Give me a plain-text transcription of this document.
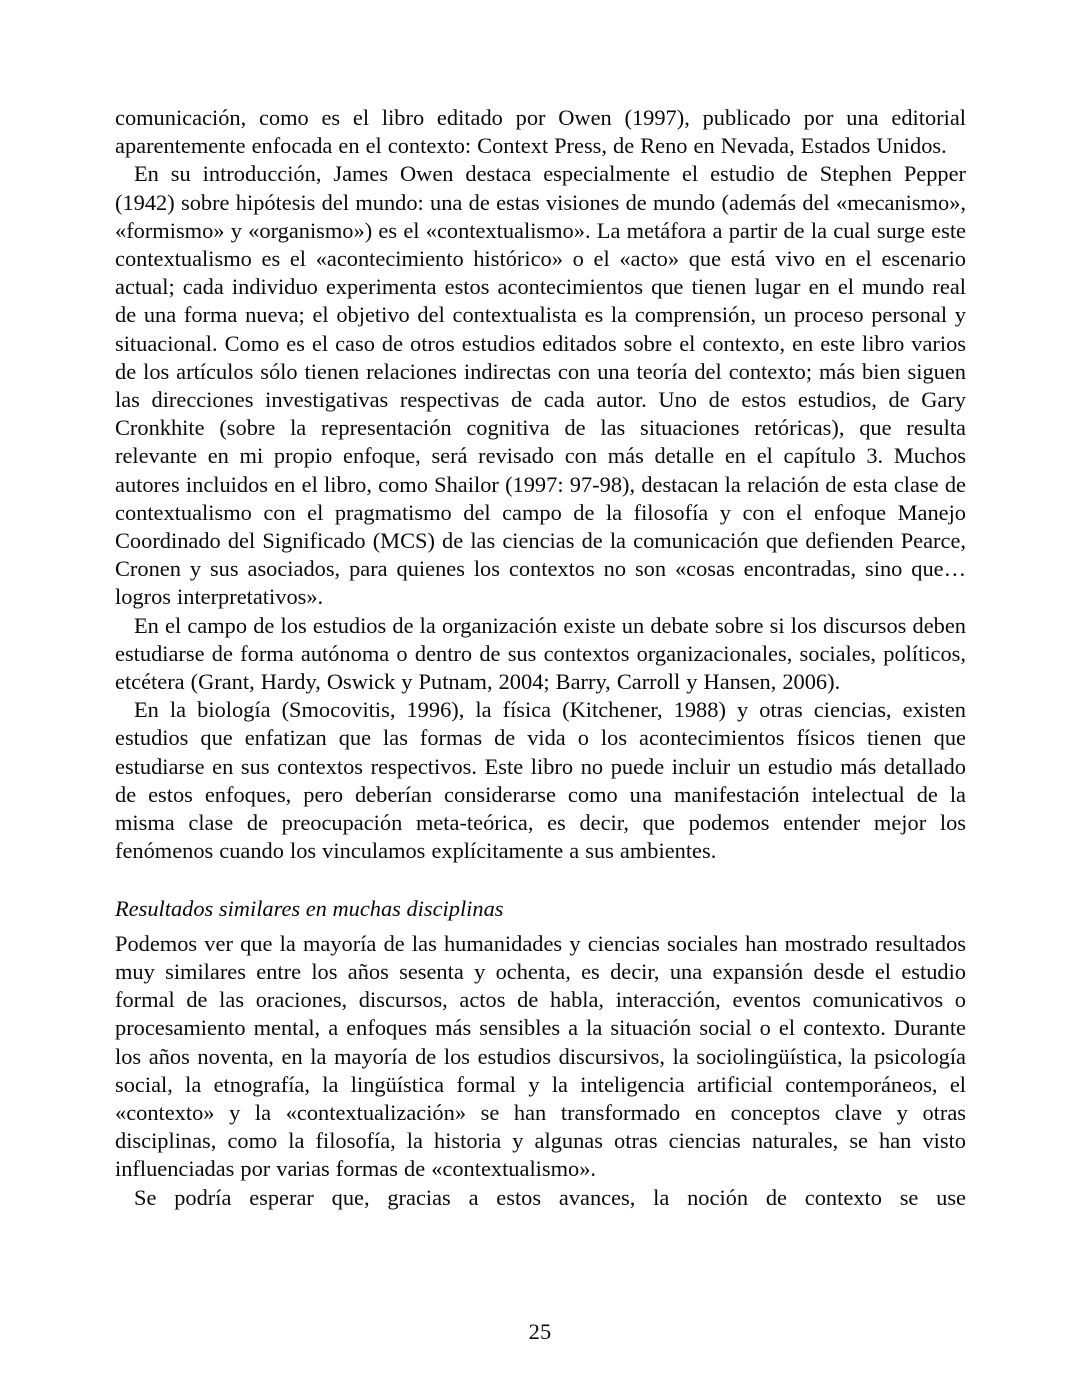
comunicación, como es el libro editado por Owen (1997), publicado por una editorial aparentemente enfocada en el contexto: Context Press, de Reno en Nevada, Estados Unidos.

En su introducción, James Owen destaca especialmente el estudio de Stephen Pepper (1942) sobre hipótesis del mundo: una de estas visiones de mundo (además del «mecanismo», «formismo» y «organismo») es el «contextualismo». La metáfora a partir de la cual surge este contextualismo es el «acontecimiento histórico» o el «acto» que está vivo en el escenario actual; cada individuo experimenta estos acontecimientos que tienen lugar en el mundo real de una forma nueva; el objetivo del contextualista es la comprensión, un proceso personal y situacional. Como es el caso de otros estudios editados sobre el contexto, en este libro varios de los artículos sólo tienen relaciones indirectas con una teoría del contexto; más bien siguen las direcciones investigativas respectivas de cada autor. Uno de estos estudios, de Gary Cronkhite (sobre la representación cognitiva de las situaciones retóricas), que resulta relevante en mi propio enfoque, será revisado con más detalle en el capítulo 3. Muchos autores incluidos en el libro, como Shailor (1997: 97-98), destacan la relación de esta clase de contextualismo con el pragmatismo del campo de la filosofía y con el enfoque Manejo Coordinado del Significado (MCS) de las ciencias de la comunicación que defienden Pearce, Cronen y sus asociados, para quienes los contextos no son «cosas encontradas, sino que… logros interpretativos».

En el campo de los estudios de la organización existe un debate sobre si los discursos deben estudiarse de forma autónoma o dentro de sus contextos organizacionales, sociales, políticos, etcétera (Grant, Hardy, Oswick y Putnam, 2004; Barry, Carroll y Hansen, 2006).

En la biología (Smocovitis, 1996), la física (Kitchener, 1988) y otras ciencias, existen estudios que enfatizan que las formas de vida o los acontecimientos físicos tienen que estudiarse en sus contextos respectivos. Este libro no puede incluir un estudio más detallado de estos enfoques, pero deberían considerarse como una manifestación intelectual de la misma clase de preocupación meta-teórica, es decir, que podemos entender mejor los fenómenos cuando los vinculamos explícitamente a sus ambientes.

Resultados similares en muchas disciplinas

Podemos ver que la mayoría de las humanidades y ciencias sociales han mostrado resultados muy similares entre los años sesenta y ochenta, es decir, una expansión desde el estudio formal de las oraciones, discursos, actos de habla, interacción, eventos comunicativos o procesamiento mental, a enfoques más sensibles a la situación social o el contexto. Durante los años noventa, en la mayoría de los estudios discursivos, la sociolingüística, la psicología social, la etnografía, la lingüística formal y la inteligencia artificial contemporáneos, el «contexto» y la «contextualización» se han transformado en conceptos clave y otras disciplinas, como la filosofía, la historia y algunas otras ciencias naturales, se han visto influenciadas por varias formas de «contextualismo».

Se podría esperar que, gracias a estos avances, la noción de contexto se use

25
